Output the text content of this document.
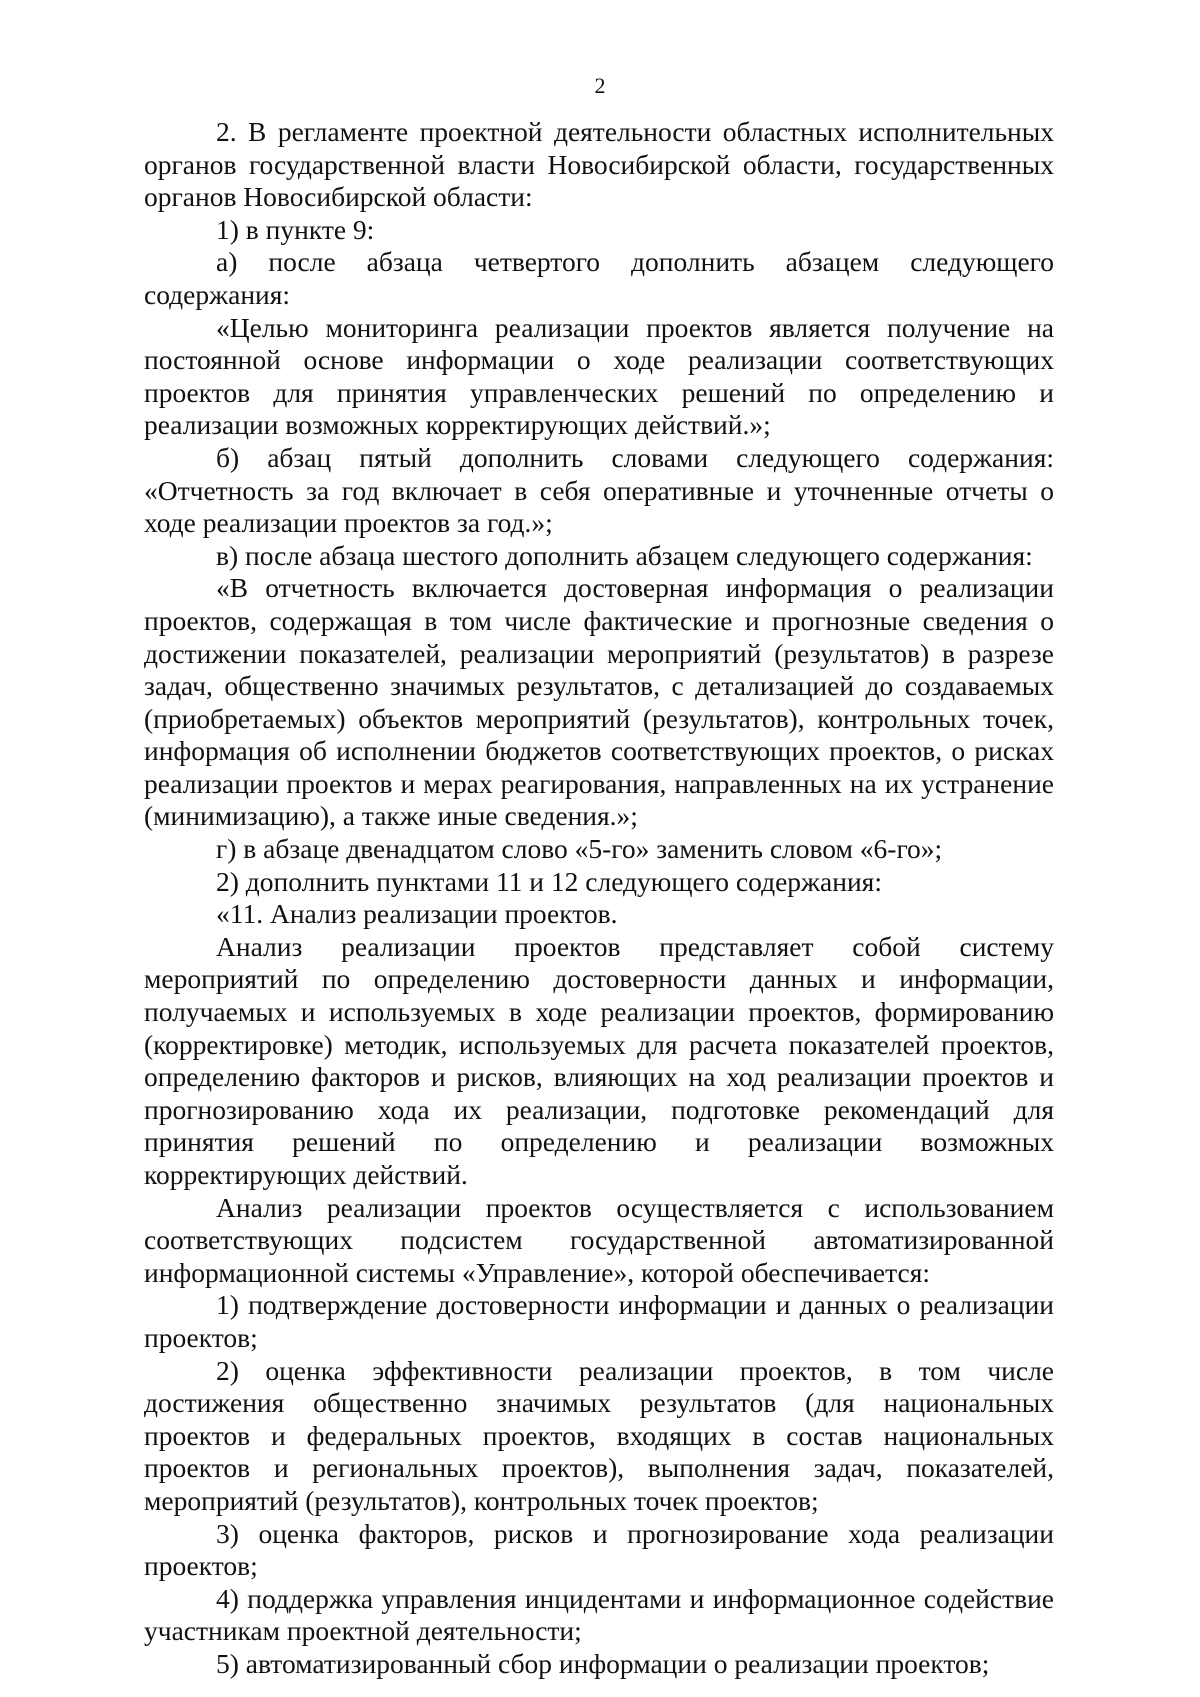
2

2. В регламенте проектной деятельности областных исполнительных органов государственной власти Новосибирской области, государственных органов Новосибирской области:

1) в пункте 9:

а) после абзаца четвертого дополнить абзацем следующего содержания:

«Целью мониторинга реализации проектов является получение на постоянной основе информации о ходе реализации соответствующих проектов для принятия управленческих решений по определению и реализации возможных корректирующих действий.»;

б) абзац пятый дополнить словами следующего содержания: «Отчетность за год включает в себя оперативные и уточненные отчеты о ходе реализации проектов за год.»;

в) после абзаца шестого дополнить абзацем следующего содержания:

«В отчетность включается достоверная информация о реализации проектов, содержащая в том числе фактические и прогнозные сведения о достижении показателей, реализации мероприятий (результатов) в разрезе задач, общественно значимых результатов, с детализацией до создаваемых (приобретаемых) объектов мероприятий (результатов), контрольных точек, информация об исполнении бюджетов соответствующих проектов, о рисках реализации проектов и мерах реагирования, направленных на их устранение (минимизацию), а также иные сведения.»;

г) в абзаце двенадцатом слово «5-го» заменить словом «6-го»;

2) дополнить пунктами 11 и 12 следующего содержания:

«11. Анализ реализации проектов.

Анализ реализации проектов представляет собой систему мероприятий по определению достоверности данных и информации, получаемых и используемых в ходе реализации проектов, формированию (корректировке) методик, используемых для расчета показателей проектов, определению факторов и рисков, влияющих на ход реализации проектов и прогнозированию хода их реализации, подготовке рекомендаций для принятия решений по определению и реализации возможных корректирующих действий.

Анализ реализации проектов осуществляется с использованием соответствующих подсистем государственной автоматизированной информационной системы «Управление», которой обеспечивается:

1) подтверждение достоверности информации и данных о реализации проектов;

2) оценка эффективности реализации проектов, в том числе достижения общественно значимых результатов (для национальных проектов и федеральных проектов, входящих в состав национальных проектов и региональных проектов), выполнения задач, показателей, мероприятий (результатов), контрольных точек проектов;

3) оценка факторов, рисков и прогнозирование хода реализации проектов;

4) поддержка управления инцидентами и информационное содействие участникам проектной деятельности;

5) автоматизированный сбор информации о реализации проектов;
